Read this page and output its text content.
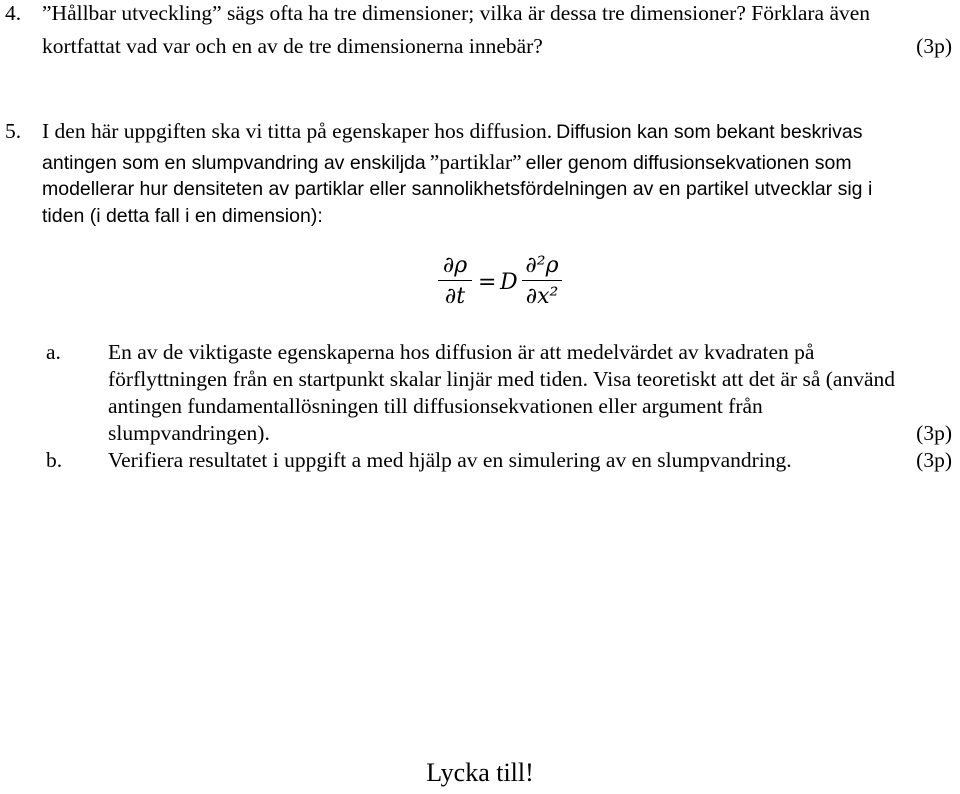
4. ”Hållbar utveckling” sägs ofta ha tre dimensioner; vilka är dessa tre dimensioner? Förklara även
kortfattat vad var och en av de tre dimensionerna innebär?	(3p)
5. I den här uppgiften ska vi titta på egenskaper hos diffusion. Diffusion kan som bekant beskrivas
antingen som en slumpvandring av enskiljda ”partiklar” eller genom diffusionsekvationen som
modellerar hur densiteten av partiklar eller sannolikhetsfördelningen av en partikel utvecklar sig i
tiden (i detta fall i en dimension):
∂ρ
∂t
= D
∂²ρ
∂x²
a. En av de viktigaste egenskaperna hos diffusion är att medelvärdet av kvadraten på
förflyttningen från en startpunkt skalar linjär med tiden. Visa teoretiskt att det är så (använd
antingen fundamentallösningen till diffusionsekvationen eller argument från
slumpvandringen).	(3p)
b. Verifiera resultatet i uppgift a med hjälp av en simulering av en slumpvandring.	(3p)
Lycka till!
